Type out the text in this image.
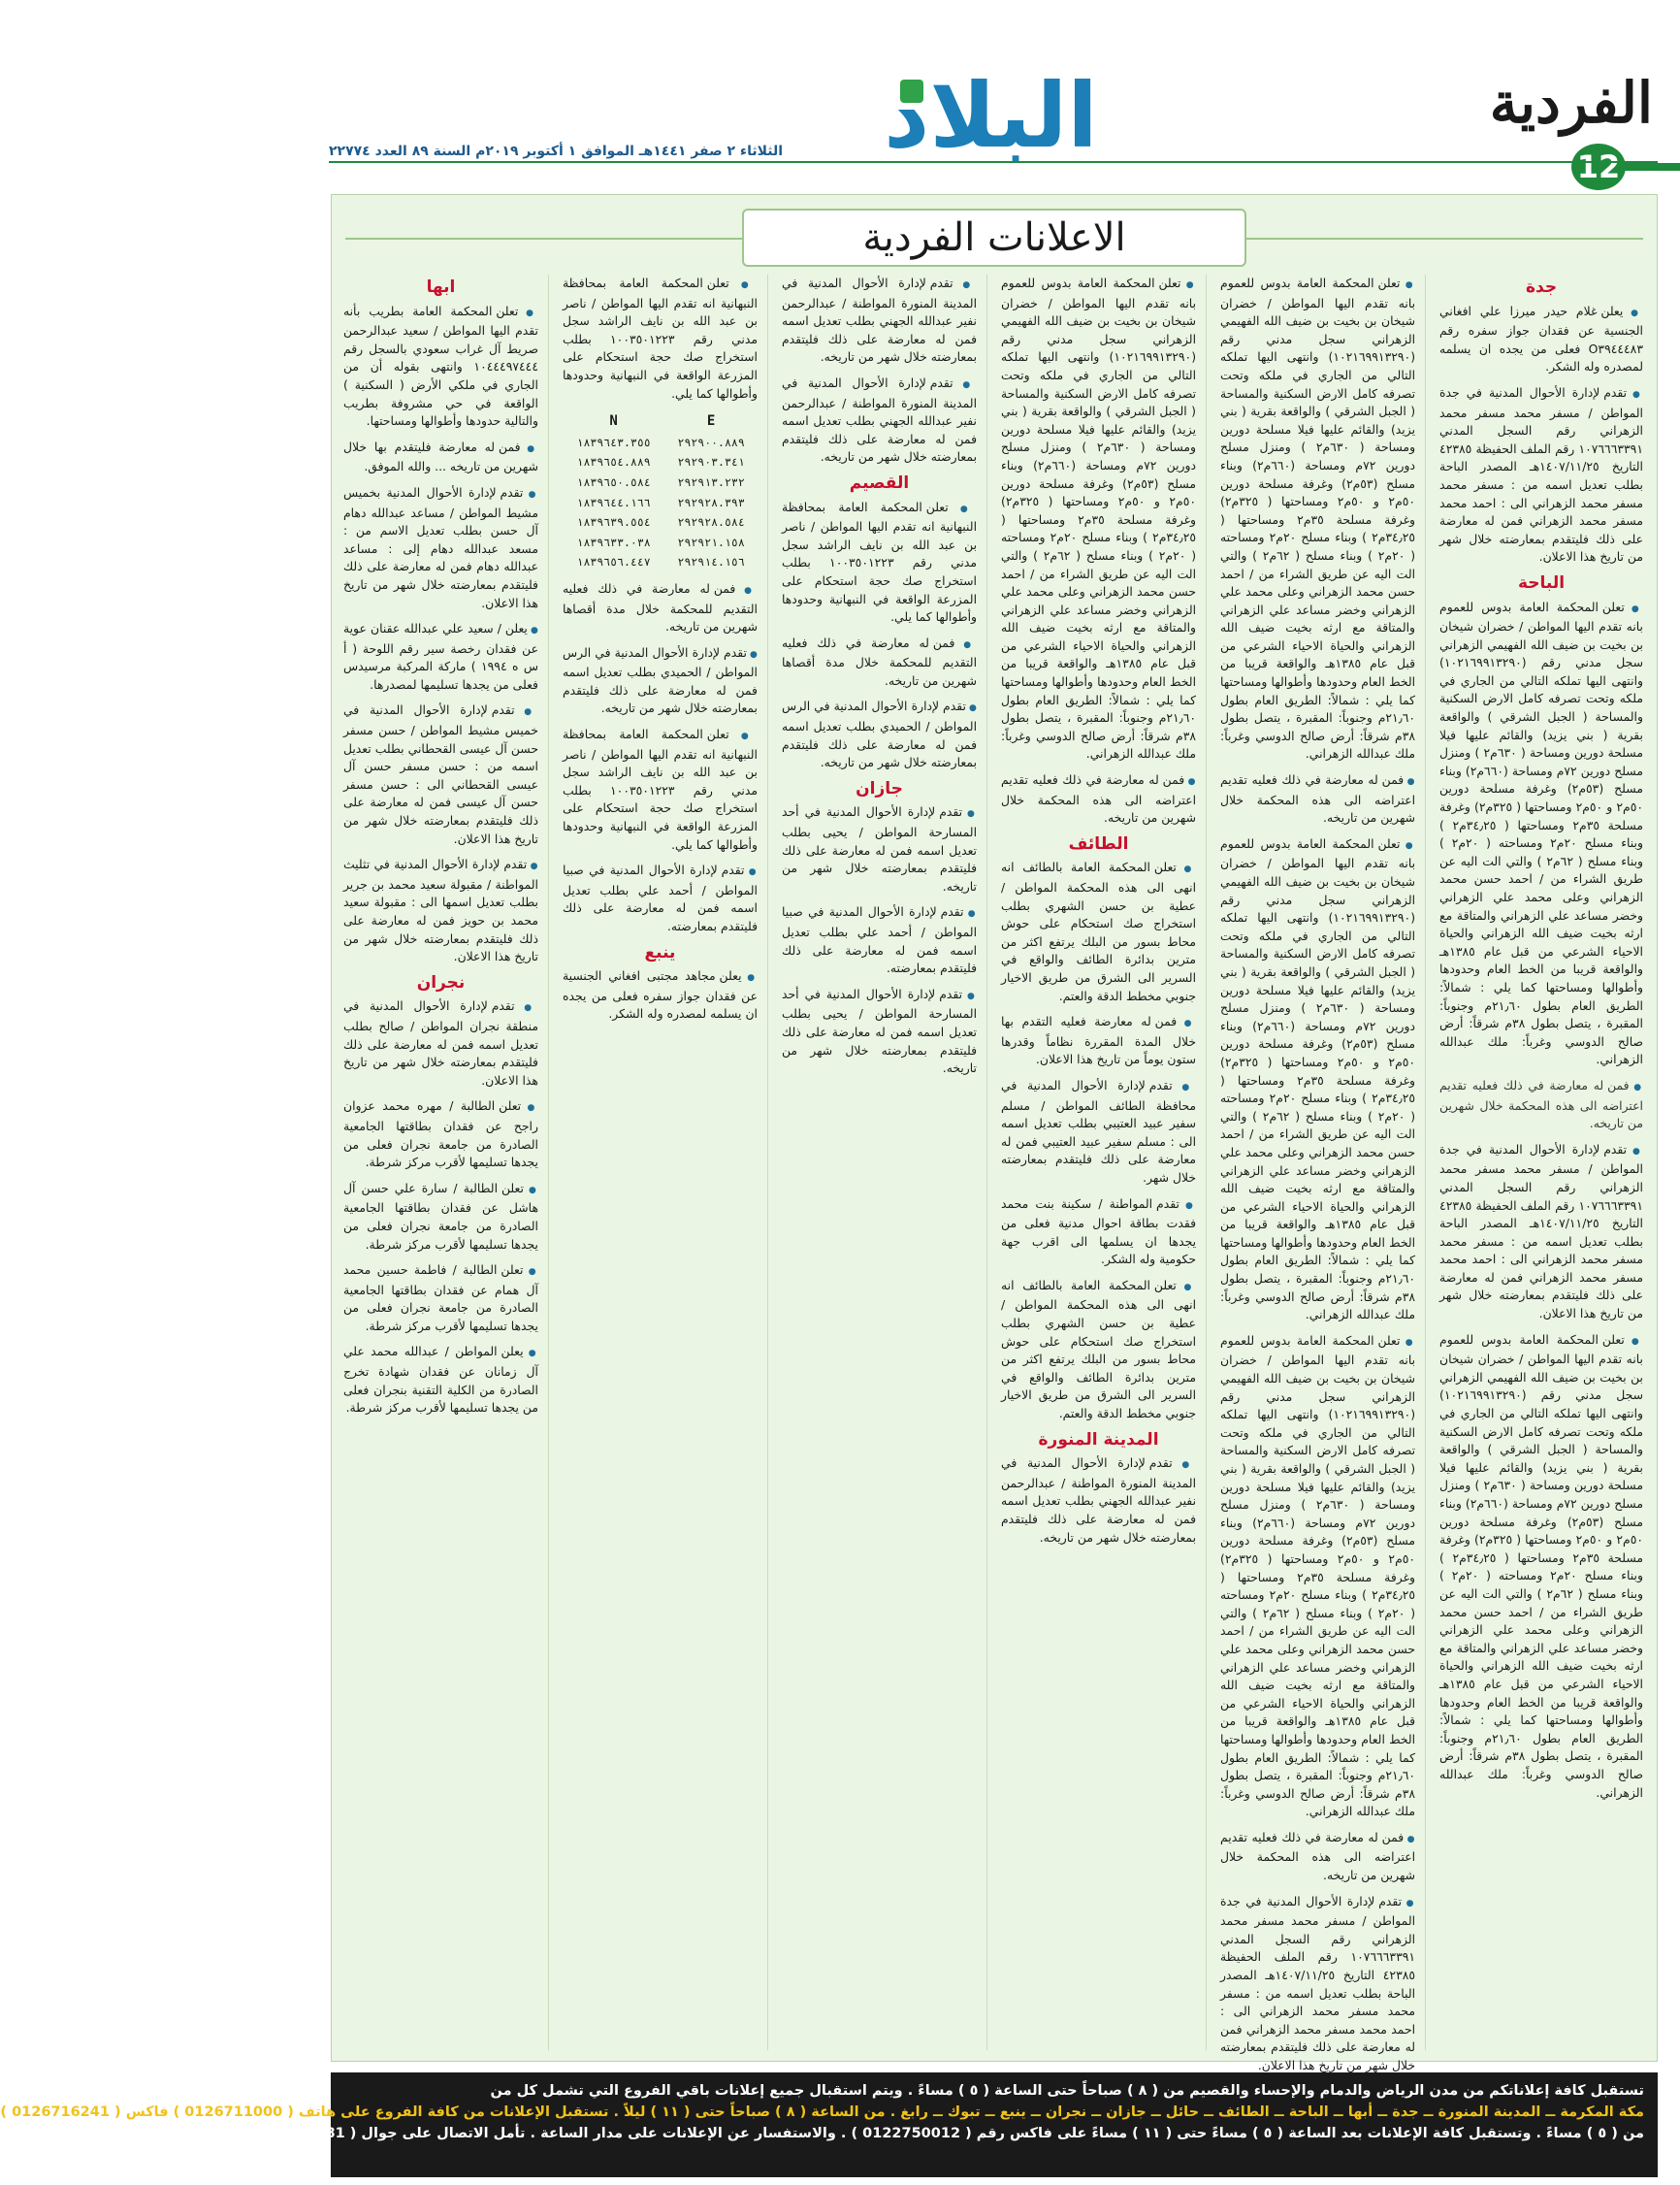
الفردية
12
البلاد
الثلاثاء ٢ صفر ١٤٤١هـ الموافق ١ أكتوبر ٢٠١٩م السنة ٨٩ العدد ٢٢٧٧٤
الاعلانات الفردية
جدة
● يعلن غلام حيدر ميرزا علي افغاني الجنسية عن فقدان جواز سفره رقم O٣٩٤٤٤٨٣ فعلى من يجده ان يسلمه لمصدره وله الشكر.
● تقدم لإدارة الأحوال المدنية في جدة المواطن / مسفر محمد مسفر محمد الزهراني رقم السجل المدني ١٠٧٦٦٦٣٣٩١ رقم الملف الحفيظة ٤٢٣٨٥ التاريخ ١٤٠٧/١١/٢٥هـ المصدر الباحة بطلب تعديل اسمه من : مسفر محمد مسفر محمد الزهراني الى : احمد محمد مسفر محمد الزهراني فمن له معارضة على ذلك فليتقدم بمعارضته خلال شهر من تاريخ هذا الاعلان.
الباحة
● تعلن المحكمة العامة بدوس للعموم بانه تقدم اليها المواطن / خضران شيخان بن بخيت بن ضيف الله الفهيمي الزهراني سجل مدني رقم (١٠٢١٦٩٩١٣٢٩٠) وانتهى اليها تملكه التالي من الجاري في ملكه وتحت تصرفه كامل الارض السكنية والمساحة ( الجبل الشرقي ) والواقعة بقرية ( بني يزيد) والقائم عليها فيلا مسلحة دورين ومساحة ( ٦٣٠م٢ ) ومنزل مسلح دورين ٧٢م ومساحة (٦٦٠م٢) وبناء مسلح (٥٣م٢) وغرفة مسلحة دورين ٥٠م٢ و ٥٠م٢ ومساحتها ( ٣٢٥م٢) وغرفة مسلحة ٣٥م٢ ومساحتها ( ٣٤٫٢٥م٢ ) وبناء مسلح ٢٠م٢ ومساحته ( ٢٠م٢ ) وبناء مسلح ( ٦٢م٢ ) والتي الت اليه عن طريق الشراء من / احمد حسن محمد الزهراني وعلى محمد علي الزهراني وخضر مساعد علي الزهراني والمتاقة مع ارثه بخيت ضيف الله الزهراني والحياة الاحياء الشرعي من قبل عام ١٣٨٥هـ والواقعة قريبا من الخط العام وحدودها وأطوالها ومساحتها كما يلي : شمالاً: الطريق العام بطول ٢١٫٦٠م وجنوباً: المقبرة ، يتصل بطول ٣٨م شرقاً: أرض صالح الدوسي وغرباً: ملك عبدالله الزهراني.
● فمن له معارضة في ذلك فعليه تقديم اعتراضه الى هذه المحكمة خلال شهرين من تاريخه.
● تقدم لإدارة الأحوال المدنية في جدة المواطن / مسفر محمد مسفر محمد الزهراني رقم السجل المدني ١٠٧٦٦٦٣٣٩١ رقم الملف الحفيظة ٤٢٣٨٥ التاريخ ١٤٠٧/١١/٢٥هـ المصدر الباحة بطلب تعديل اسمه من : مسفر محمد مسفر محمد الزهراني الى : احمد محمد مسفر محمد الزهراني فمن له معارضة على ذلك فليتقدم بمعارضته خلال شهر من تاريخ هذا الاعلان.
● تعلن المحكمة العامة بدوس للعموم بانه تقدم اليها المواطن / خضران شيخان بن بخيت بن ضيف الله الفهيمي الزهراني سجل مدني رقم (١٠٢١٦٩٩١٣٢٩٠) وانتهى اليها تملكه التالي من الجاري في ملكه وتحت تصرفه كامل الارض السكنية والمساحة ( الجبل الشرقي ) والواقعة بقرية ( بني يزيد) والقائم عليها فيلا مسلحة دورين ومساحة ( ٦٣٠م٢ ) ومنزل مسلح دورين ٧٢م ومساحة (٦٦٠م٢) وبناء مسلح (٥٣م٢) وغرفة مسلحة دورين ٥٠م٢ و ٥٠م٢ ومساحتها ( ٣٢٥م٢) وغرفة مسلحة ٣٥م٢ ومساحتها ( ٣٤٫٢٥م٢ ) وبناء مسلح ٢٠م٢ ومساحته ( ٢٠م٢ ) وبناء مسلح ( ٦٢م٢ ) والتي الت اليه عن طريق الشراء من / احمد حسن محمد الزهراني وعلى محمد علي الزهراني وخضر مساعد علي الزهراني والمتاقة مع ارثه بخيت ضيف الله الزهراني والحياة الاحياء الشرعي من قبل عام ١٣٨٥هـ والواقعة قريبا من الخط العام وحدودها وأطوالها ومساحتها كما يلي : شمالاً: الطريق العام بطول ٢١٫٦٠م وجنوباً: المقبرة ، يتصل بطول ٣٨م شرقاً: أرض صالح الدوسي وغرباً: ملك عبدالله الزهراني.
● تعلن المحكمة العامة بدوس للعموم بانه تقدم اليها المواطن / خضران شيخان بن بخيت بن ضيف الله الفهيمي الزهراني سجل مدني رقم (١٠٢١٦٩٩١٣٢٩٠) وانتهى اليها تملكه التالي من الجاري في ملكه وتحت تصرفه كامل الارض السكنية والمساحة ( الجبل الشرقي ) والواقعة بقرية ( بني يزيد) والقائم عليها فيلا مسلحة دورين ومساحة ( ٦٣٠م٢ ) ومنزل مسلح دورين ٧٢م ومساحة (٦٦٠م٢) وبناء مسلح (٥٣م٢) وغرفة مسلحة دورين ٥٠م٢ و ٥٠م٢ ومساحتها ( ٣٢٥م٢) وغرفة مسلحة ٣٥م٢ ومساحتها ( ٣٤٫٢٥م٢ ) وبناء مسلح ٢٠م٢ ومساحته ( ٢٠م٢ ) وبناء مسلح ( ٦٢م٢ ) والتي الت اليه عن طريق الشراء من / احمد حسن محمد الزهراني وعلى محمد علي الزهراني وخضر مساعد علي الزهراني والمتاقة مع ارثه بخيت ضيف الله الزهراني والحياة الاحياء الشرعي من قبل عام ١٣٨٥هـ والواقعة قريبا من الخط العام وحدودها وأطوالها ومساحتها كما يلي : شمالاً: الطريق العام بطول ٢١٫٦٠م وجنوباً: المقبرة ، يتصل بطول ٣٨م شرقاً: أرض صالح الدوسي وغرباً: ملك عبدالله الزهراني.
● فمن له معارضة في ذلك فعليه تقديم اعتراضه الى هذه المحكمة خلال شهرين من تاريخه.
● تعلن المحكمة العامة بدوس للعموم بانه تقدم اليها المواطن / خضران شيخان بن بخيت بن ضيف الله الفهيمي الزهراني سجل مدني رقم (١٠٢١٦٩٩١٣٢٩٠) وانتهى اليها تملكه التالي من الجاري في ملكه وتحت تصرفه كامل الارض السكنية والمساحة ( الجبل الشرقي ) والواقعة بقرية ( بني يزيد) والقائم عليها فيلا مسلحة دورين ومساحة ( ٦٣٠م٢ ) ومنزل مسلح دورين ٧٢م ومساحة (٦٦٠م٢) وبناء مسلح (٥٣م٢) وغرفة مسلحة دورين ٥٠م٢ و ٥٠م٢ ومساحتها ( ٣٢٥م٢) وغرفة مسلحة ٣٥م٢ ومساحتها ( ٣٤٫٢٥م٢ ) وبناء مسلح ٢٠م٢ ومساحته ( ٢٠م٢ ) وبناء مسلح ( ٦٢م٢ ) والتي الت اليه عن طريق الشراء من / احمد حسن محمد الزهراني وعلى محمد علي الزهراني وخضر مساعد علي الزهراني والمتاقة مع ارثه بخيت ضيف الله الزهراني والحياة الاحياء الشرعي من قبل عام ١٣٨٥هـ والواقعة قريبا من الخط العام وحدودها وأطوالها ومساحتها كما يلي : شمالاً: الطريق العام بطول ٢١٫٦٠م وجنوباً: المقبرة ، يتصل بطول ٣٨م شرقاً: أرض صالح الدوسي وغرباً: ملك عبدالله الزهراني.
● تعلن المحكمة العامة بدوس للعموم بانه تقدم اليها المواطن / خضران شيخان بن بخيت بن ضيف الله الفهيمي الزهراني سجل مدني رقم (١٠٢١٦٩٩١٣٢٩٠) وانتهى اليها تملكه التالي من الجاري في ملكه وتحت تصرفه كامل الارض السكنية والمساحة ( الجبل الشرقي ) والواقعة بقرية ( بني يزيد) والقائم عليها فيلا مسلحة دورين ومساحة ( ٦٣٠م٢ ) ومنزل مسلح دورين ٧٢م ومساحة (٦٦٠م٢) وبناء مسلح (٥٣م٢) وغرفة مسلحة دورين ٥٠م٢ و ٥٠م٢ ومساحتها ( ٣٢٥م٢) وغرفة مسلحة ٣٥م٢ ومساحتها ( ٣٤٫٢٥م٢ ) وبناء مسلح ٢٠م٢ ومساحته ( ٢٠م٢ ) وبناء مسلح ( ٦٢م٢ ) والتي الت اليه عن طريق الشراء من / احمد حسن محمد الزهراني وعلى محمد علي الزهراني وخضر مساعد علي الزهراني والمتاقة مع ارثه بخيت ضيف الله الزهراني والحياة الاحياء الشرعي من قبل عام ١٣٨٥هـ والواقعة قريبا من الخط العام وحدودها وأطوالها ومساحتها كما يلي : شمالاً: الطريق العام بطول ٢١٫٦٠م وجنوباً: المقبرة ، يتصل بطول ٣٨م شرقاً: أرض صالح الدوسي وغرباً: ملك عبدالله الزهراني.
● فمن له معارضة في ذلك فعليه تقديم اعتراضه الى هذه المحكمة خلال شهرين من تاريخه.
● تقدم لإدارة الأحوال المدنية في جدة المواطن / مسفر محمد مسفر محمد الزهراني رقم السجل المدني ١٠٧٦٦٦٣٣٩١ رقم الملف الحفيظة ٤٢٣٨٥ التاريخ ١٤٠٧/١١/٢٥هـ المصدر الباحة بطلب تعديل اسمه من : مسفر محمد مسفر محمد الزهراني الى : احمد محمد مسفر محمد الزهراني فمن له معارضة على ذلك فليتقدم بمعارضته خلال شهر من تاريخ هذا الاعلان.
● تعلن المحكمة العامة بدوس للعموم بانه تقدم اليها المواطن / خضران شيخان بن بخيت بن ضيف الله الفهيمي الزهراني سجل مدني رقم (١٠٢١٦٩٩١٣٢٩٠) وانتهى اليها تملكه التالي من الجاري في ملكه وتحت تصرفه كامل الارض السكنية والمساحة ( الجبل الشرقي ) والواقعة بقرية ( بني يزيد) والقائم عليها فيلا مسلحة دورين ومساحة ( ٦٣٠م٢ ) ومنزل مسلح دورين ٧٢م ومساحة (٦٦٠م٢) وبناء مسلح (٥٣م٢) وغرفة مسلحة دورين ٥٠م٢ و ٥٠م٢ ومساحتها ( ٣٢٥م٢) وغرفة مسلحة ٣٥م٢ ومساحتها ( ٣٤٫٢٥م٢ ) وبناء مسلح ٢٠م٢ ومساحته ( ٢٠م٢ ) وبناء مسلح ( ٦٢م٢ ) والتي الت اليه عن طريق الشراء من / احمد حسن محمد الزهراني وعلى محمد علي الزهراني وخضر مساعد علي الزهراني والمتاقة مع ارثه بخيت ضيف الله الزهراني والحياة الاحياء الشرعي من قبل عام ١٣٨٥هـ والواقعة قريبا من الخط العام وحدودها وأطوالها ومساحتها كما يلي : شمالاً: الطريق العام بطول ٢١٫٦٠م وجنوباً: المقبرة ، يتصل بطول ٣٨م شرقاً: أرض صالح الدوسي وغرباً: ملك عبدالله الزهراني.
● فمن له معارضة في ذلك فعليه تقديم اعتراضه الى هذه المحكمة خلال شهرين من تاريخه.
الطائف
● تعلن المحكمة العامة بالطائف انه انهى الى هذه المحكمة المواطن / عطية بن حسن الشهري بطلب استخراج صك استحكام على حوش محاط بسور من البلك يرتفع اكثر من مترين بدائرة الطائف والواقع في السرير الى الشرق من طريق الاخيار جنوبي مخطط الدقة والعتم.
● فمن له معارضة فعليه التقدم بها خلال المدة المقررة نظاماً وقدرها ستون يوماً من تاريخ هذا الاعلان.
● تقدم لإدارة الأحوال المدنية في محافظة الطائف المواطن / مسلم سفير عبيد العتيبي بطلب تعديل اسمه الى : مسلم سفير عبيد العتيبي فمن له معارضة على ذلك فليتقدم بمعارضته خلال شهر.
● تقدم المواطنة / سكينة بنت محمد فقدت بطاقة احوال مدنية فعلى من يجدها ان يسلمها الى اقرب جهة حكومية وله الشكر.
● تعلن المحكمة العامة بالطائف انه انهى الى هذه المحكمة المواطن / عطية بن حسن الشهري بطلب استخراج صك استحكام على حوش محاط بسور من البلك يرتفع اكثر من مترين بدائرة الطائف والواقع في السرير الى الشرق من طريق الاخيار جنوبي مخطط الدقة والعتم.
المدينة المنورة
● تقدم لإدارة الأحوال المدنية في المدينة المنورة المواطنة / عبدالرحمن نفير عبدالله الجهني بطلب تعديل اسمه فمن له معارضة على ذلك فليتقدم بمعارضته خلال شهر من تاريخه.
● تقدم لإدارة الأحوال المدنية في المدينة المنورة المواطنة / عبدالرحمن نفير عبدالله الجهني بطلب تعديل اسمه فمن له معارضة على ذلك فليتقدم بمعارضته خلال شهر من تاريخه.
● تقدم لإدارة الأحوال المدنية في المدينة المنورة المواطنة / عبدالرحمن نفير عبدالله الجهني بطلب تعديل اسمه فمن له معارضة على ذلك فليتقدم بمعارضته خلال شهر من تاريخه.
القصيم
● تعلن المحكمة العامة بمحافظة النبهانية انه تقدم اليها المواطن / ناصر بن عبد الله بن نايف الراشد سجل مدني رقم ١٠٠٣٥٠١٢٢٣ بطلب استخراج صك حجة استحكام على المزرعة الواقعة في النبهانية وحدودها وأطوالها كما يلي.
● فمن له معارضة في ذلك فعليه التقديم للمحكمة خلال مدة أقصاها شهرين من تاريخه.
● تقدم لإدارة الأحوال المدنية في الرس المواطن / الحميدي بطلب تعديل اسمه فمن له معارضة على ذلك فليتقدم بمعارضته خلال شهر من تاريخه.
جازان
● تقدم لإدارة الأحوال المدنية في أحد المسارحة المواطن / يحيى بطلب تعديل اسمه فمن له معارضة على ذلك فليتقدم بمعارضته خلال شهر من تاريخه.
● تقدم لإدارة الأحوال المدنية في صبيا المواطن / أحمد علي بطلب تعديل اسمه فمن له معارضة على ذلك فليتقدم بمعارضته.
● تقدم لإدارة الأحوال المدنية في أحد المسارحة المواطن / يحيى بطلب تعديل اسمه فمن له معارضة على ذلك فليتقدم بمعارضته خلال شهر من تاريخه.
● تعلن المحكمة العامة بمحافظة النبهانية انه تقدم اليها المواطن / ناصر بن عبد الله بن نايف الراشد سجل مدني رقم ١٠٠٣٥٠١٢٢٣ بطلب استخراج صك حجة استحكام على المزرعة الواقعة في النبهانية وحدودها وأطوالها كما يلي.
E	N
٢٩٢٩٠٠.٨٨٩	١٨٣٩٦٤٣.٣٥٥
٢٩٢٩٠٣.٣٤١	١٨٣٩٦٥٤.٨٨٩
٢٩٢٩١٣.٢٣٢	١٨٣٩٦٥٠.٥٨٤
٢٩٢٩٢٨.٣٩٣	١٨٣٩٦٤٤.١٦٦
٢٩٢٩٢٨.٥٨٤	١٨٣٩٦٣٩.٥٥٤
٢٩٢٩٢١.١٥٨	١٨٣٩٦٣٣.٠٣٨
٢٩٢٩١٤.١٥٦	١٨٣٩٦٥٦.٤٤٧
● فمن له معارضة في ذلك فعليه التقديم للمحكمة خلال مدة أقصاها شهرين من تاريخه.
● تقدم لإدارة الأحوال المدنية في الرس المواطن / الحميدي بطلب تعديل اسمه فمن له معارضة على ذلك فليتقدم بمعارضته خلال شهر من تاريخه.
● تعلن المحكمة العامة بمحافظة النبهانية انه تقدم اليها المواطن / ناصر بن عبد الله بن نايف الراشد سجل مدني رقم ١٠٠٣٥٠١٢٢٣ بطلب استخراج صك حجة استحكام على المزرعة الواقعة في النبهانية وحدودها وأطوالها كما يلي.
● تقدم لإدارة الأحوال المدنية في صبيا المواطن / أحمد علي بطلب تعديل اسمه فمن له معارضة على ذلك فليتقدم بمعارضته.
ينبع
● يعلن مجاهد مجتبى افغاني الجنسية عن فقدان جواز سفره فعلى من يجده ان يسلمه لمصدره وله الشكر.
ابها
● تعلن المحكمة العامة بطريب بأنه تقدم اليها المواطن / سعيد عبدالرحمن صريط آل غراب سعودي بالسجل رقم ١٠٤٤٤٩٧٤٤٤ وانتهى بقوله أن من الجاري في ملكي الأرض ( السكنية ) الواقعة في حي مشروفة بطريب والتالية حدودها وأطوالها ومساحتها.
● فمن له معارضة فليتقدم بها خلال شهرين من تاريخه ... والله الموفق.
● تقدم لإدارة الأحوال المدنية بخميس مشيط المواطن / مساعد عبدالله دهام آل حسن بطلب تعديل الاسم من : مسعد عبدالله دهام إلى : مساعد عبدالله دهام فمن له معارضة على ذلك فليتقدم بمعارضته خلال شهر من تاريخ هذا الاعلان.
● يعلن / سعيد علي عبدالله عقنان عوية عن فقدان رخصة سير رقم اللوحة ( أ س ه ١٩٩٤ ) ماركة المركبة مرسيدس فعلى من يجدها تسليمها لمصدرها.
● تقدم لإدارة الأحوال المدنية في خميس مشيط المواطن / حسن مسفر حسن آل عيسى القحطاني بطلب تعديل اسمه من : حسن مسفر حسن آل عيسى القحطاني الى : حسن مسفر حسن آل عيسى فمن له معارضة على ذلك فليتقدم بمعارضته خلال شهر من تاريخ هذا الاعلان.
● تقدم لإدارة الأحوال المدنية في تثليث المواطنة / مقبولة سعيد محمد بن جرير بطلب تعديل اسمها الى : مقبولة سعيد محمد بن حويز فمن له معارضة على ذلك فليتقدم بمعارضته خلال شهر من تاريخ هذا الاعلان.
نجران
● تقدم لإدارة الأحوال المدنية في منطقة نجران المواطن / صالح بطلب تعديل اسمه فمن له معارضة على ذلك فليتقدم بمعارضته خلال شهر من تاريخ هذا الاعلان.
● تعلن الطالبة / مهره محمد عزوان راجح عن فقدان بطاقتها الجامعية الصادرة من جامعة نجران فعلى من يجدها تسليمها لأقرب مركز شرطة.
● تعلن الطالبة / سارة علي حسن آل هاشل عن فقدان بطاقتها الجامعية الصادرة من جامعة نجران فعلى من يجدها تسليمها لأقرب مركز شرطة.
● تعلن الطالبة / فاطمة حسين محمد آل همام عن فقدان بطاقتها الجامعية الصادرة من جامعة نجران فعلى من يجدها تسليمها لأقرب مركز شرطة.
● يعلن المواطن / عبدالله محمد علي آل زمانان عن فقدان شهادة تخرج الصادرة من الكلية التقنية بنجران فعلى من يجدها تسليمها لأقرب مركز شرطة.
تستقبل كافة إعلاناتكم من مدن الرياض والدمام والإحساء والقصيم من ( ٨ ) صباحاً حتى الساعة ( ٥ ) مساءً . ويتم استقبال جميع إعلانات باقي الفروع التي تشمل كل من
مكة المكرمة ــ المدينة المنورة ــ جدة ــ أبها ــ الباحة ــ الطائف ــ حائل ــ جازان ــ نجران ــ ينبع ــ تبوك ــ رابغ . من الساعة ( ٨ ) صباحاً حتى ( ١١ ) ليلاً . تستقبل الإعلانات من كافة الفروع على هاتف ( 0126711000 ) فاكس ( 0126716241 )
من ( ٥ ) مساءً . وتستقبل كافة الإعلانات بعد الساعة ( ٥ ) مساءً حتى ( ١١ ) مساءً على فاكس رقم ( 0122750012 ) . والاستفسار عن الإعلانات على مدار الساعة . تأمل الاتصال على جوال ( 0567878781 )
